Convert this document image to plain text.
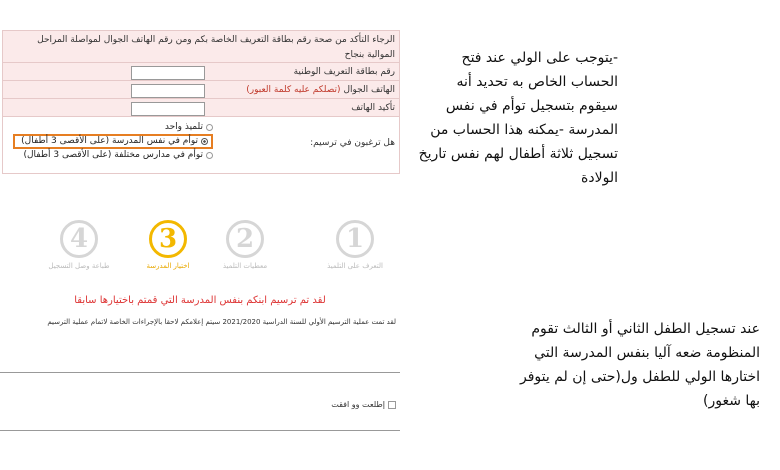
الرجاء التأكد من صحة رقم بطاقة التعريف الخاصة بكم ومن رقم الهاتف الجوال لمواصلة المراحل الموالية بنجاح
رقم بطاقة التعريف الوطنية
الهاتف الجوال (تصلكم عليه كلمة العبور)
تأكيد الهاتف
هل ترغبون في ترسيم:
تلميذ واحد
توأم في نفس المدرسة (على الأقصى 3 أطفال)
توأم في مدارس مختلفة (على الأقصى 3 أطفال)
-يتوجب على الولي عند فتح الحساب الخاص به تحديد أنه سيقوم بتسجيل توأم في نفس المدرسة -يمكنه هذا الحساب من تسجيل ثلاثة أطفال لهم نفس تاريخ الولادة
1
التعرف على التلميذ
2
معطيات التلميذ
3
اختيار المدرسة
4
طباعة وصل التسجيل
لقد تم ترسيم ابنكم بنفس المدرسة التي قمتم باختيارها سابقا
لقد تمت عملية الترسيم الأولي للسنة الدراسية 2021/2020 سيتم إعلامكم لاحقا بالإجراءات الخاصة لاتمام عملية الترسيم	عند تسجيل الطفل الثاني أو الثالث تقوم المنظومة ضعه آليا بنفس المدرسة التي اختارها الولي للطفل ول(حتى إن لم يتوفر بها شغور)
إطلعت وو افقت
